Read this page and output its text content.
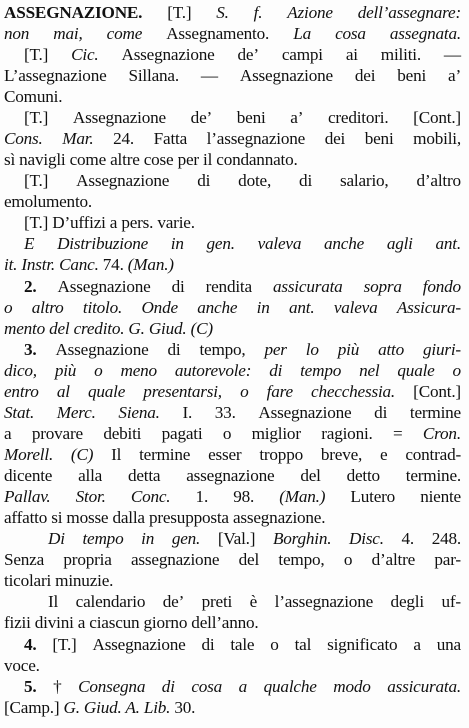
ASSEGNAZIONE. [T.] S. f. Azione dell’assegnare:
non mai, come Assegnamento. La cosa assegnata.
[T.] Cic. Assegnazione de’ campi ai militi. —
L’assegnazione Sillana. — Assegnazione dei beni a’
Comuni.
[T.] Assegnazione de’ beni a’ creditori. [Cont.]
Cons. Mar. 24. Fatta l’assegnazione dei beni mobili,
sì navigli come altre cose per il condannato.
[T.] Assegnazione di dote, di salario, d’altro
emolumento.
[T.] D’uffizi a pers. varie.
E Distribuzione in gen. valeva anche agli ant.
it. Instr. Canc. 74. (Man.)
2. Assegnazione di rendita assicurata sopra fondo
o altro titolo. Onde anche in ant. valeva Assicura-
mento del credito. G. Giud. (C)
3. Assegnazione di tempo, per lo più atto giuri-
dico, più o meno autorevole: di tempo nel quale o
entro al quale presentarsi, o fare checchessia. [Cont.]
Stat. Merc. Siena. I. 33. Assegnazione di termine
a provare debiti pagati o miglior ragioni. = Cron.
Morell. (C) Il termine esser troppo breve, e contrad-
dicente alla detta assegnazione del detto termine.
Pallav. Stor. Conc. 1. 98. (Man.) Lutero niente
affatto si mosse dalla presupposta assegnazione.
Di tempo in gen. [Val.] Borghin. Disc. 4. 248.
Senza propria assegnazione del tempo, o d’altre par-
ticolari minuzie.
Il calendario de’ preti è l’assegnazione degli uf-
fizii divini a ciascun giorno dell’anno.
4. [T.] Assegnazione di tale o tal significato a una
voce.
5. † Consegna di cosa a qualche modo assicurata.
[Camp.] G. Giud. A. Lib. 30.
